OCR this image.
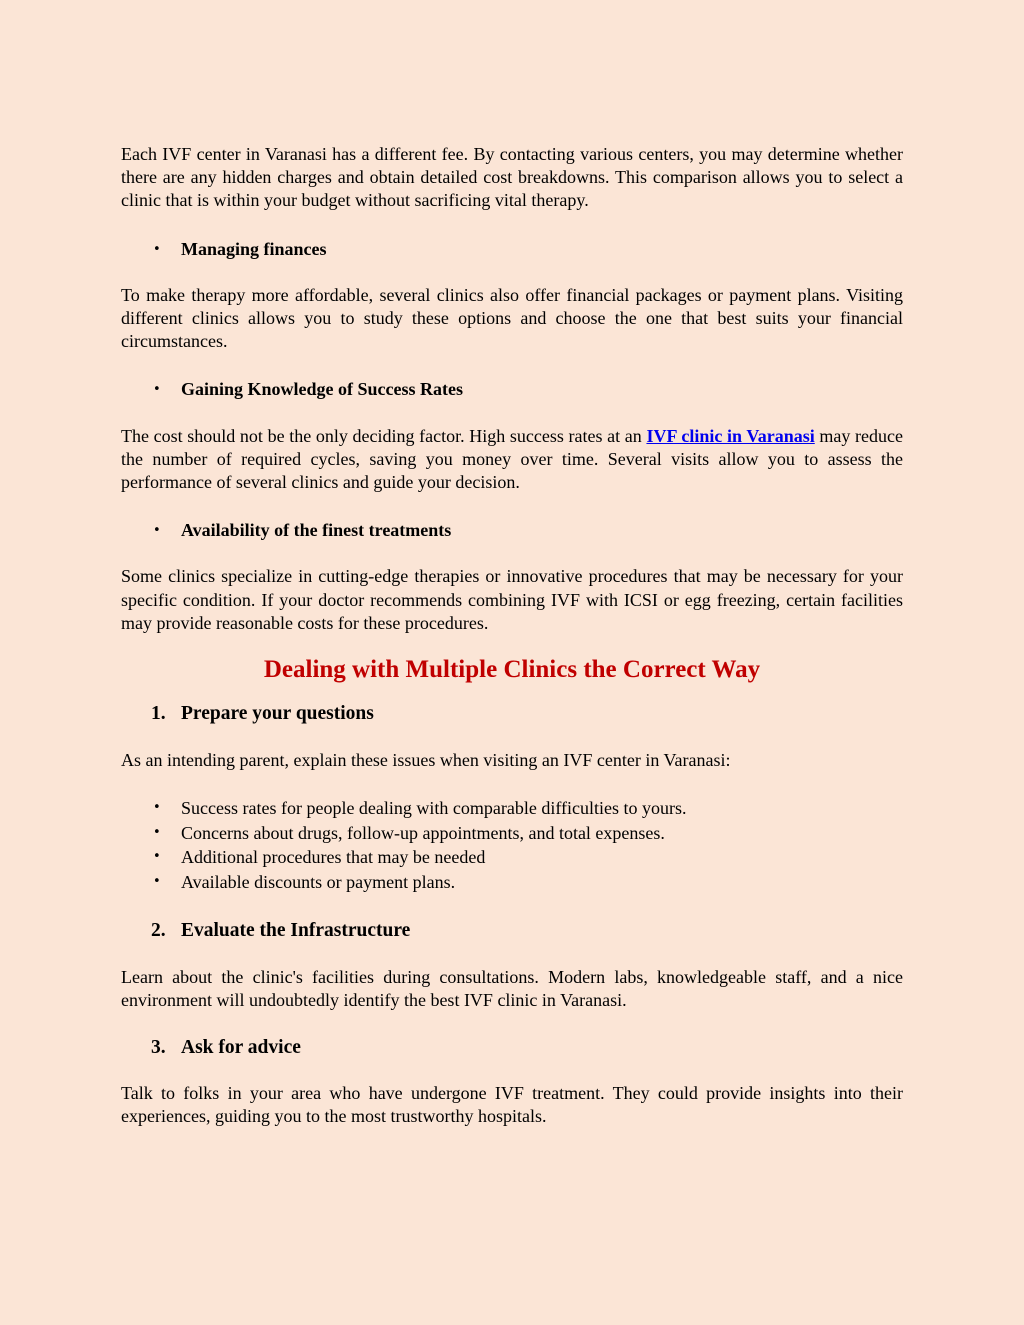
Each IVF center in Varanasi has a different fee. By contacting various centers, you may determine whether there are any hidden charges and obtain detailed cost breakdowns. This comparison allows you to select a clinic that is within your budget without sacrificing vital therapy.

• Managing finances

To make therapy more affordable, several clinics also offer financial packages or payment plans. Visiting different clinics allows you to study these options and choose the one that best suits your financial circumstances.

• Gaining Knowledge of Success Rates

The cost should not be the only deciding factor. High success rates at an IVF clinic in Varanasi may reduce the number of required cycles, saving you money over time. Several visits allow you to assess the performance of several clinics and guide your decision.

• Availability of the finest treatments

Some clinics specialize in cutting-edge therapies or innovative procedures that may be necessary for your specific condition. If your doctor recommends combining IVF with ICSI or egg freezing, certain facilities may provide reasonable costs for these procedures.

Dealing with Multiple Clinics the Correct Way
1. Prepare your questions

As an intending parent, explain these issues when visiting an IVF center in Varanasi:

• Success rates for people dealing with comparable difficulties to yours.
• Concerns about drugs, follow-up appointments, and total expenses.
• Additional procedures that may be needed
• Available discounts or payment plans.
2. Evaluate the Infrastructure

Learn about the clinic's facilities during consultations. Modern labs, knowledgeable staff, and a nice environment will undoubtedly identify the best IVF clinic in Varanasi.

3. Ask for advice

Talk to folks in your area who have undergone IVF treatment. They could provide insights into their experiences, guiding you to the most trustworthy hospitals.
